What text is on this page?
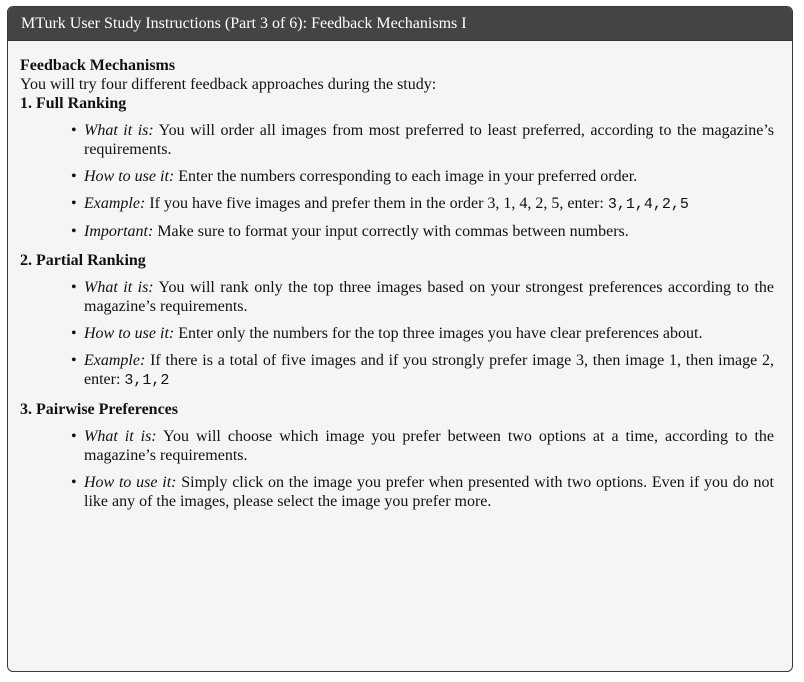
MTurk User Study Instructions (Part 3 of 6): Feedback Mechanisms I
Feedback Mechanisms
You will try four different feedback approaches during the study:
1. Full Ranking
• What it is: You will order all images from most preferred to least preferred, according to the magazine’s requirements.
• How to use it: Enter the numbers corresponding to each image in your preferred order.
• Example: If you have five images and prefer them in the order 3, 1, 4, 2, 5, enter: 3,1,4,2,5
• Important: Make sure to format your input correctly with commas between numbers.
2. Partial Ranking
• What it is: You will rank only the top three images based on your strongest preferences according to the magazine’s requirements.
• How to use it: Enter only the numbers for the top three images you have clear preferences about.
• Example: If there is a total of five images and if you strongly prefer image 3, then image 1, then image 2, enter: 3,1,2
3. Pairwise Preferences
• What it is: You will choose which image you prefer between two options at a time, according to the magazine’s requirements.
• How to use it: Simply click on the image you prefer when presented with two options. Even if you do not like any of the images, please select the image you prefer more.
